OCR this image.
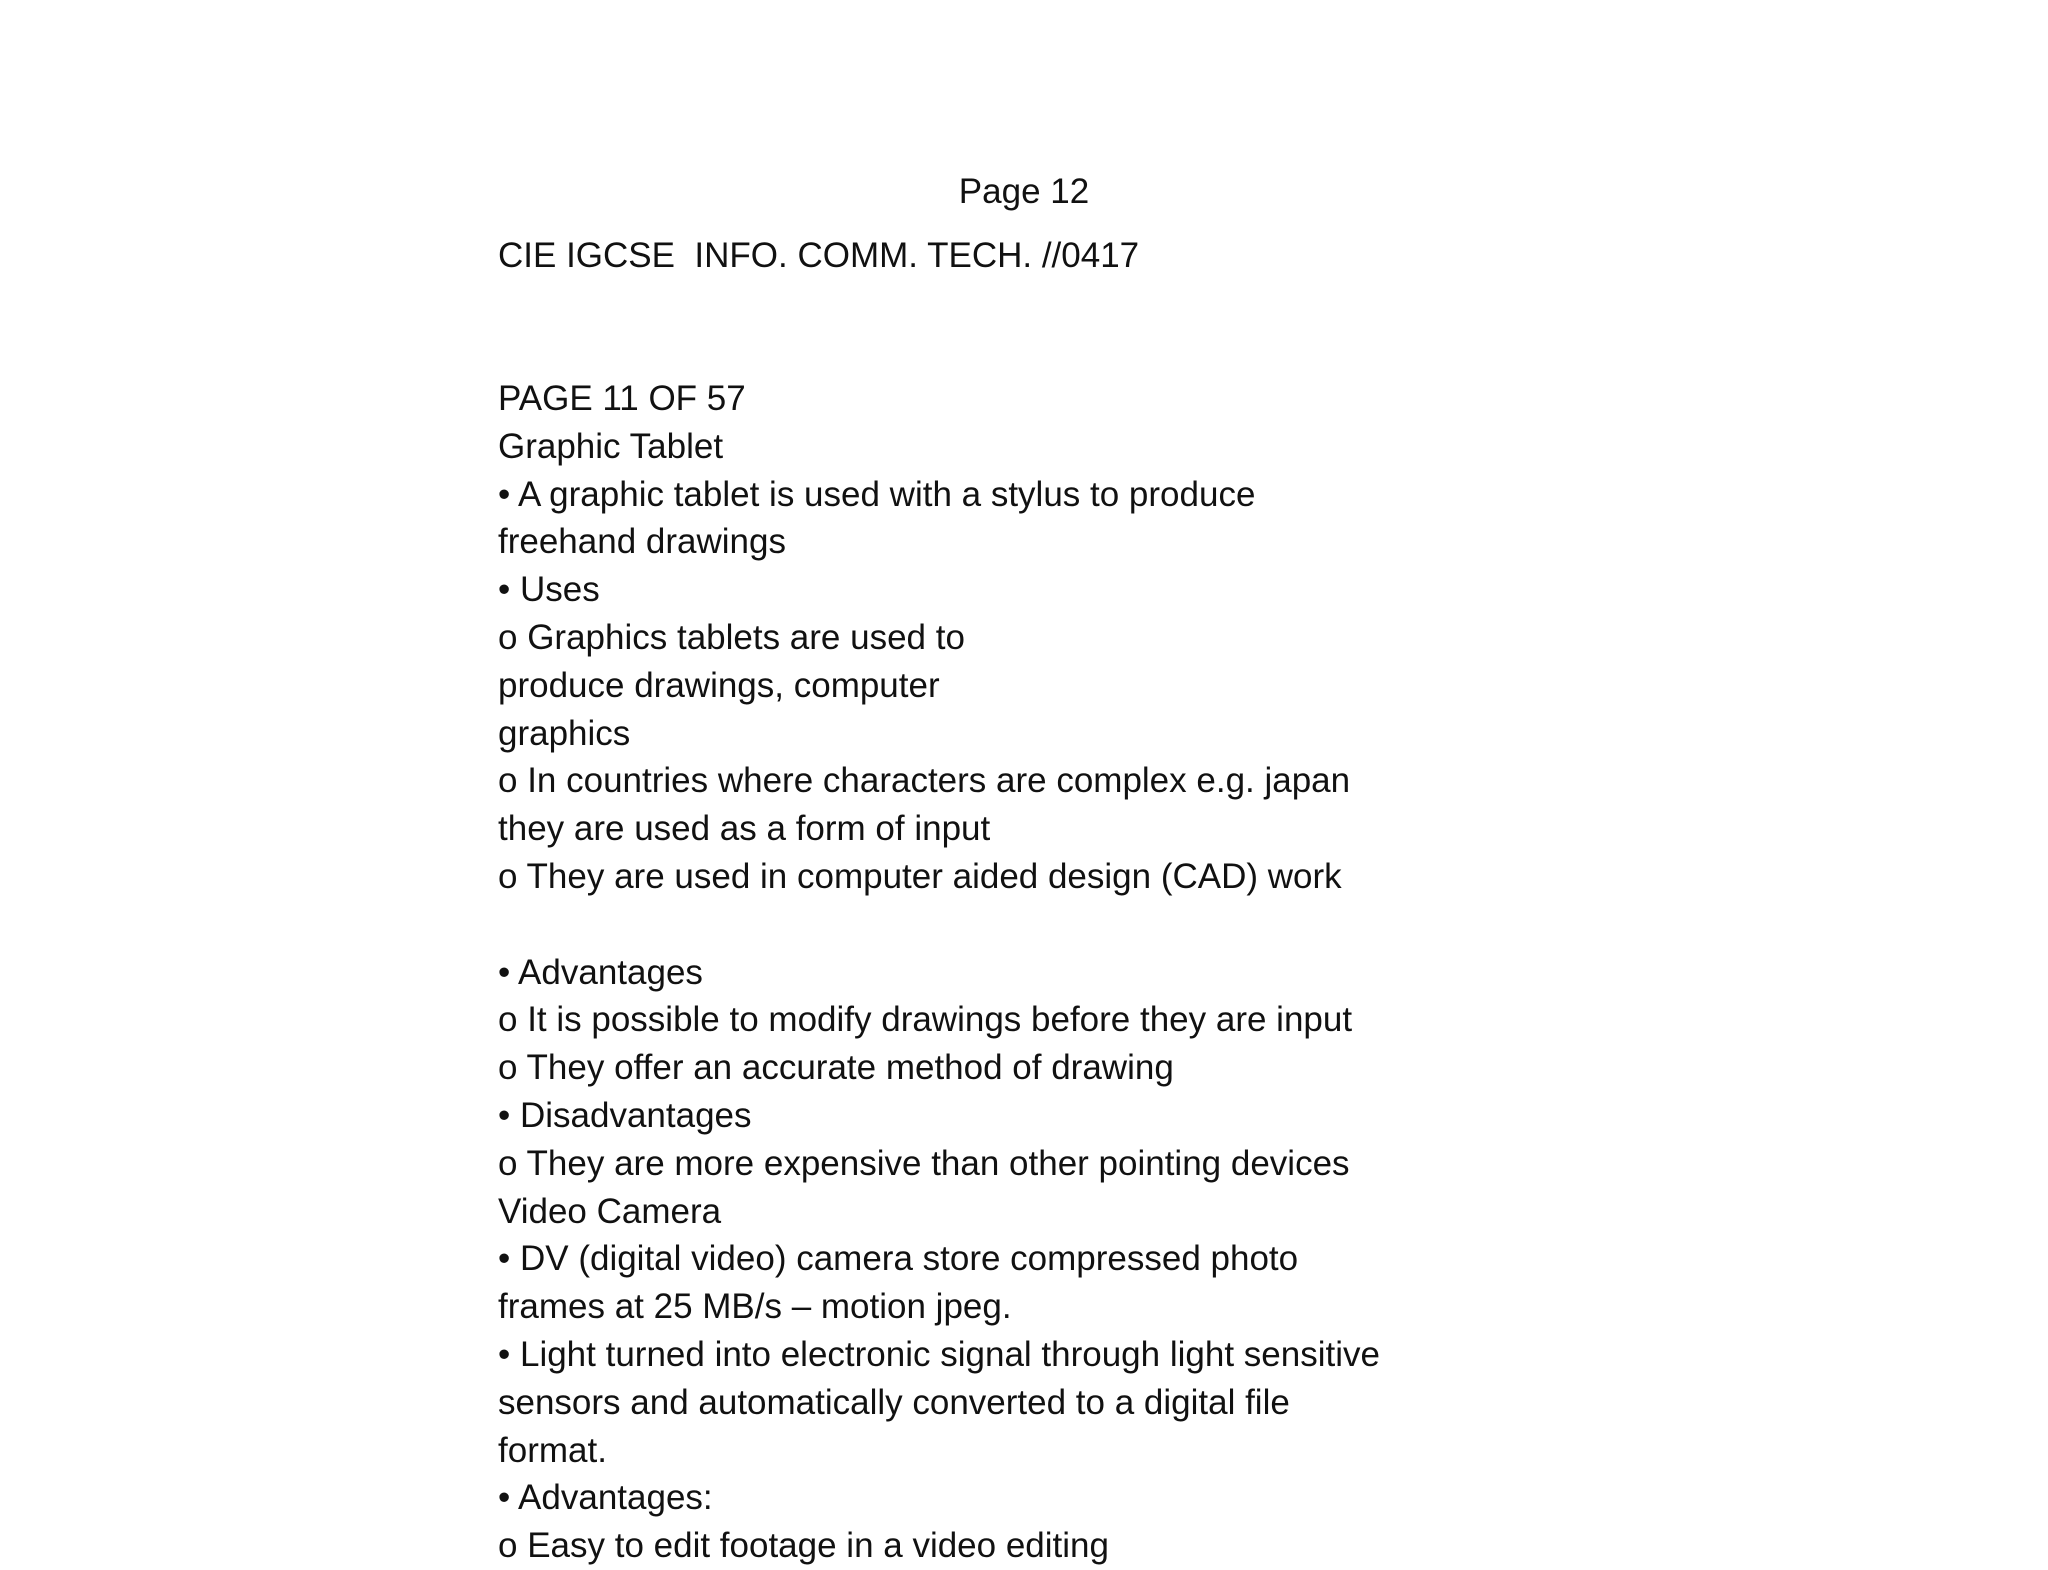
Page 12
CIE IGCSE  INFO. COMM. TECH. //0417
PAGE 11 OF 57
Graphic Tablet
• A graphic tablet is used with a stylus to produce
freehand drawings
• Uses
o Graphics tablets are used to
produce drawings, computer
graphics
o In countries where characters are complex e.g. japan
they are used as a form of input
o They are used in computer aided design (CAD) work
• Advantages
o It is possible to modify drawings before they are input
o They offer an accurate method of drawing
• Disadvantages
o They are more expensive than other pointing devices
Video Camera
• DV (digital video) camera store compressed photo
frames at 25 MB/s – motion jpeg.
• Light turned into electronic signal through light sensitive
sensors and automatically converted to a digital file
format.
• Advantages:
o Easy to edit footage in a video editing
